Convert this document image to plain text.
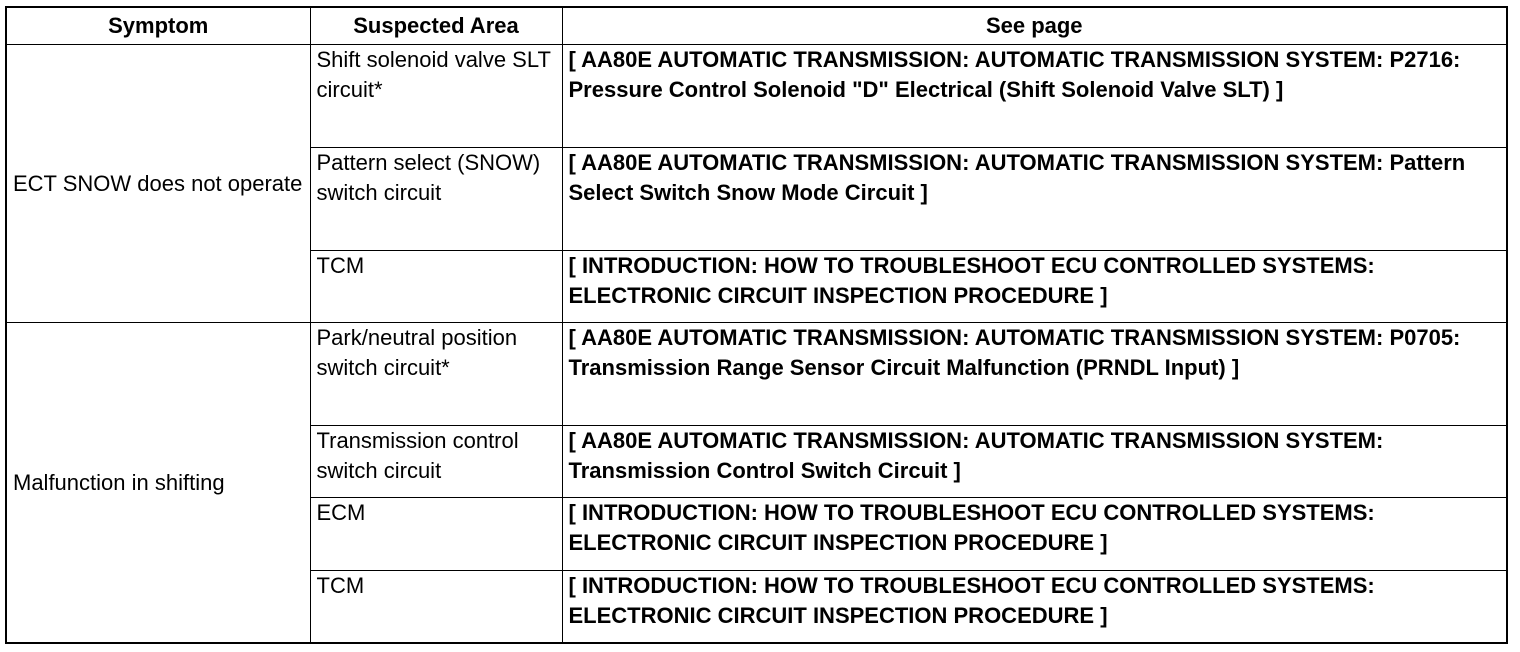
Symptom	Suspected Area	See page
ECT SNOW does not operate	Shift solenoid valve SLT circuit*	[ AA80E AUTOMATIC TRANSMISSION: AUTOMATIC TRANSMISSION SYSTEM: P2716: Pressure Control Solenoid "D" Electrical (Shift Solenoid Valve SLT) ]
	Pattern select (SNOW) switch circuit	[ AA80E AUTOMATIC TRANSMISSION: AUTOMATIC TRANSMISSION SYSTEM: Pattern Select Switch Snow Mode Circuit ]
	TCM	[ INTRODUCTION: HOW TO TROUBLESHOOT ECU CONTROLLED SYSTEMS: ELECTRONIC CIRCUIT INSPECTION PROCEDURE ]
Malfunction in shifting	Park/neutral position switch circuit*	[ AA80E AUTOMATIC TRANSMISSION: AUTOMATIC TRANSMISSION SYSTEM: P0705: Transmission Range Sensor Circuit Malfunction (PRNDL Input) ]
	Transmission control switch circuit	[ AA80E AUTOMATIC TRANSMISSION: AUTOMATIC TRANSMISSION SYSTEM: Transmission Control Switch Circuit ]
	ECM	[ INTRODUCTION: HOW TO TROUBLESHOOT ECU CONTROLLED SYSTEMS: ELECTRONIC CIRCUIT INSPECTION PROCEDURE ]
	TCM	[ INTRODUCTION: HOW TO TROUBLESHOOT ECU CONTROLLED SYSTEMS: ELECTRONIC CIRCUIT INSPECTION PROCEDURE ]
